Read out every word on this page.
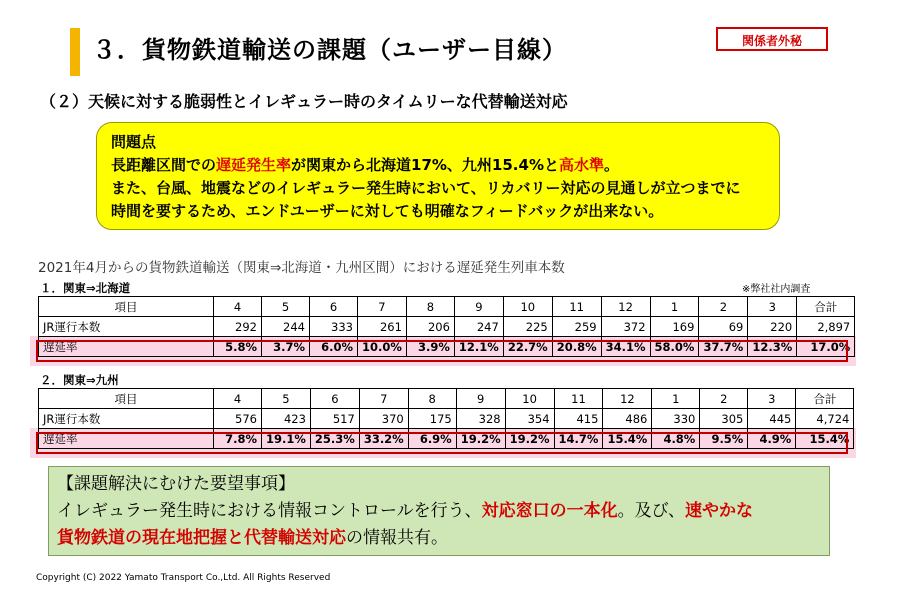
３．貨物鉄道輸送の課題（ユーザー目線）	関係者外秘
（２）天候に対する脆弱性とイレギュラー時のタイムリーな代替輸送対応
問題点
長距離区間での遅延発生率が関東から北海道17%、九州15.4%と高水準。
また、台風、地震などのイレギュラー発生時において、リカバリー対応の見通しが立つまでに
時間を要するため、エンドユーザーに対しても明確なフィードバックが出来ない。
2021年4月からの貨物鉄道輸送（関東⇒北海道・九州区間）における遅延発生列車本数
※弊社社内調査
１．関東⇒北海道
項目	4	5	6	7	8	9	10	11	12	1	2	3	合計
JR運行本数	292	244	333	261	206	247	225	259	372	169	69	220	2,897
遅延率	5.8%	3.7%	6.0%	10.0%	3.9%	12.1%	22.7%	20.8%	34.1%	58.0%	37.7%	12.3%	17.0%
２．関東⇒九州
項目	4	5	6	7	8	9	10	11	12	1	2	3	合計
JR運行本数	576	423	517	370	175	328	354	415	486	330	305	445	4,724
遅延率	7.8%	19.1%	25.3%	33.2%	6.9%	19.2%	19.2%	14.7%	15.4%	4.8%	9.5%	4.9%	15.4%
【課題解決にむけた要望事項】
イレギュラー発生時における情報コントロールを行う、対応窓口の一本化。及び、速やかな
貨物鉄道の現在地把握と代替輸送対応の情報共有。
Copyright (C) 2022 Yamato Transport Co.,Ltd. All Rights Reserved
